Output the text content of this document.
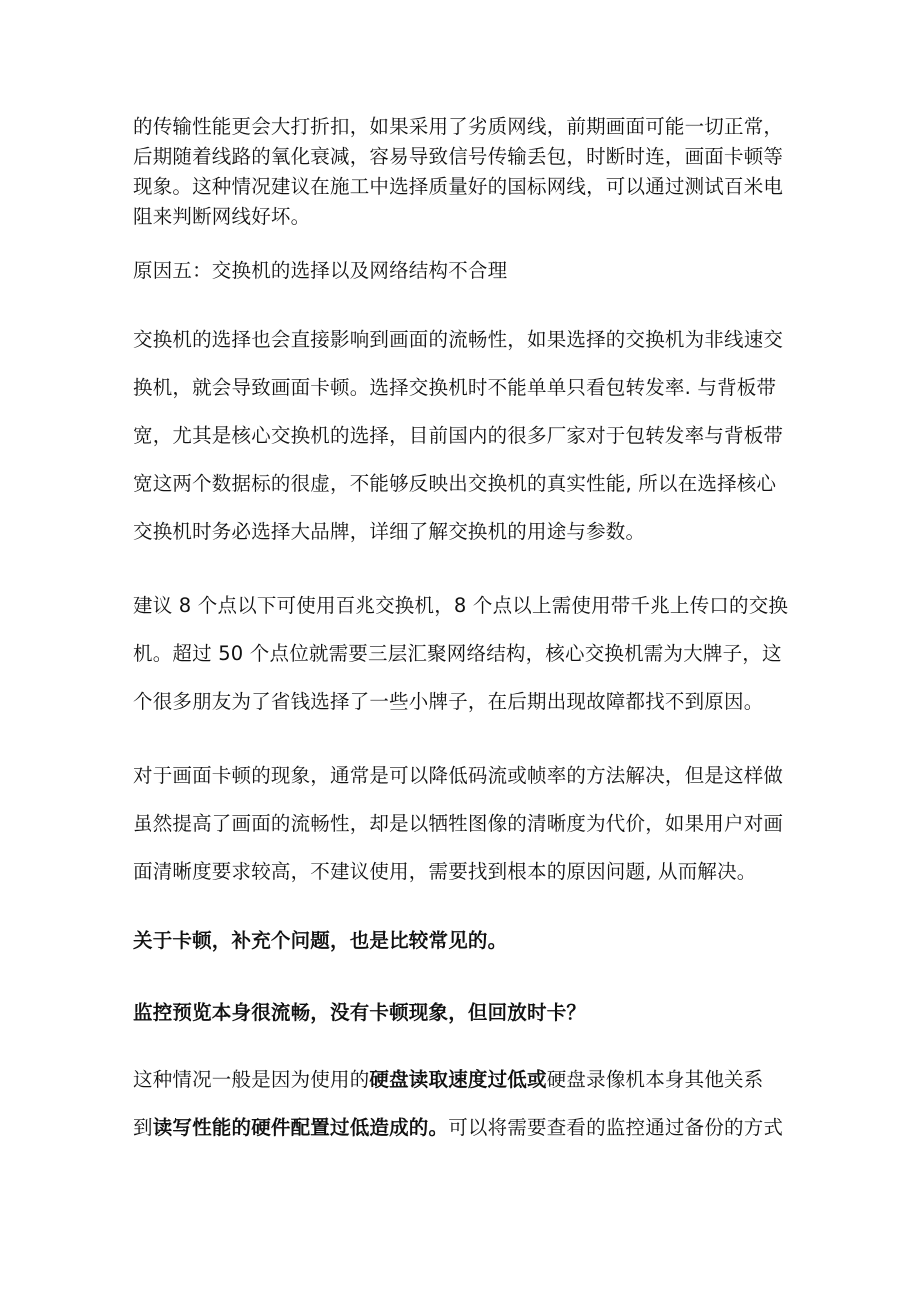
的传输性能更会大打折扣，如果采用了劣质网线，前期画面可能一切正常，
后期随着线路的氧化衰减，容易导致信号传输丢包，时断时连，画面卡顿等
现象。这种情况建议在施工中选择质量好的国标网线，可以通过测试百米电
阻来判断网线好坏。
原因五：交换机的选择以及网络结构不合理
交换机的选择也会直接影响到画面的流畅性，如果选择的交换机为非线速交
换机，就会导致画面卡顿。选择交换机时不能单单只看包转发率. 与背板带
宽，尤其是核心交换机的选择，目前国内的很多厂家对于包转发率与背板带
宽这两个数据标的很虚，不能够反映出交换机的真实性能, 所以在选择核心
交换机时务必选择大品牌，详细了解交换机的用途与参数。
建议 8 个点以下可使用百兆交换机，8 个点以上需使用带千兆上传口的交换
机。超过 50 个点位就需要三层汇聚网络结构，核心交换机需为大牌子，这
个很多朋友为了省钱选择了一些小牌子，在后期出现故障都找不到原因。
对于画面卡顿的现象，通常是可以降低码流或帧率的方法解决，但是这样做
虽然提高了画面的流畅性，却是以牺牲图像的清晰度为代价，如果用户对画
面清晰度要求较高，不建议使用，需要找到根本的原因问题, 从而解决。
关于卡顿，补充个问题，也是比较常见的。
监控预览本身很流畅，没有卡顿现象，但回放时卡？
这种情况一般是因为使用的硬盘读取速度过低或硬盘录像机本身其他关系
到读写性能的硬件配置过低造成的。可以将需要查看的监控通过备份的方式
